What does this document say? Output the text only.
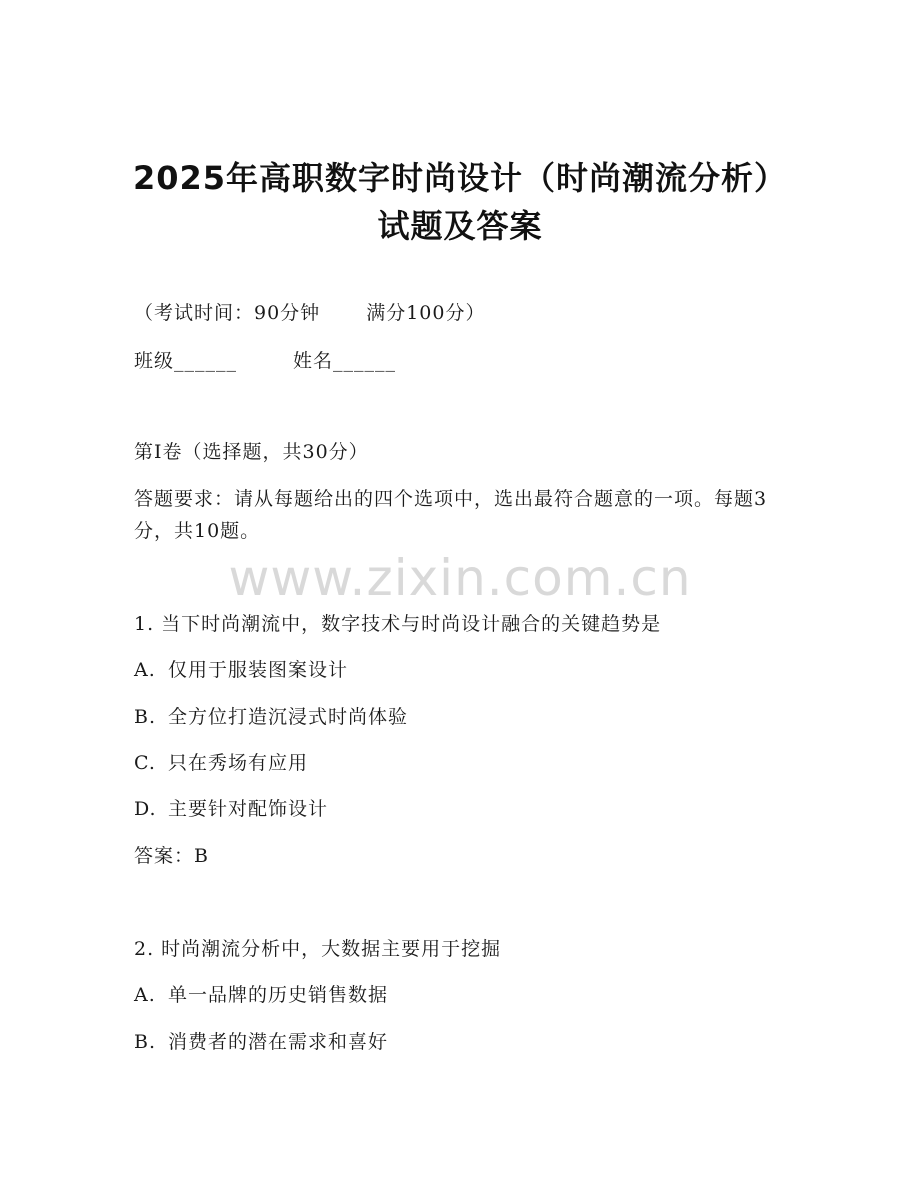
2025年高职数字时尚设计（时尚潮流分析）
试题及答案
（考试时间：90分钟 满分100分）
班级______	姓名______
第I卷（选择题，共30分）
答题要求：请从每题给出的四个选项中，选出最符合题意的一项。每题3分，共10题。
www.zixin.com.cn
1. 当下时尚潮流中，数字技术与时尚设计融合的关键趋势是
A. 仅用于服装图案设计
B. 全方位打造沉浸式时尚体验
C. 只在秀场有应用
D. 主要针对配饰设计
答案：B
2. 时尚潮流分析中，大数据主要用于挖掘
A. 单一品牌的历史销售数据
B. 消费者的潜在需求和喜好
